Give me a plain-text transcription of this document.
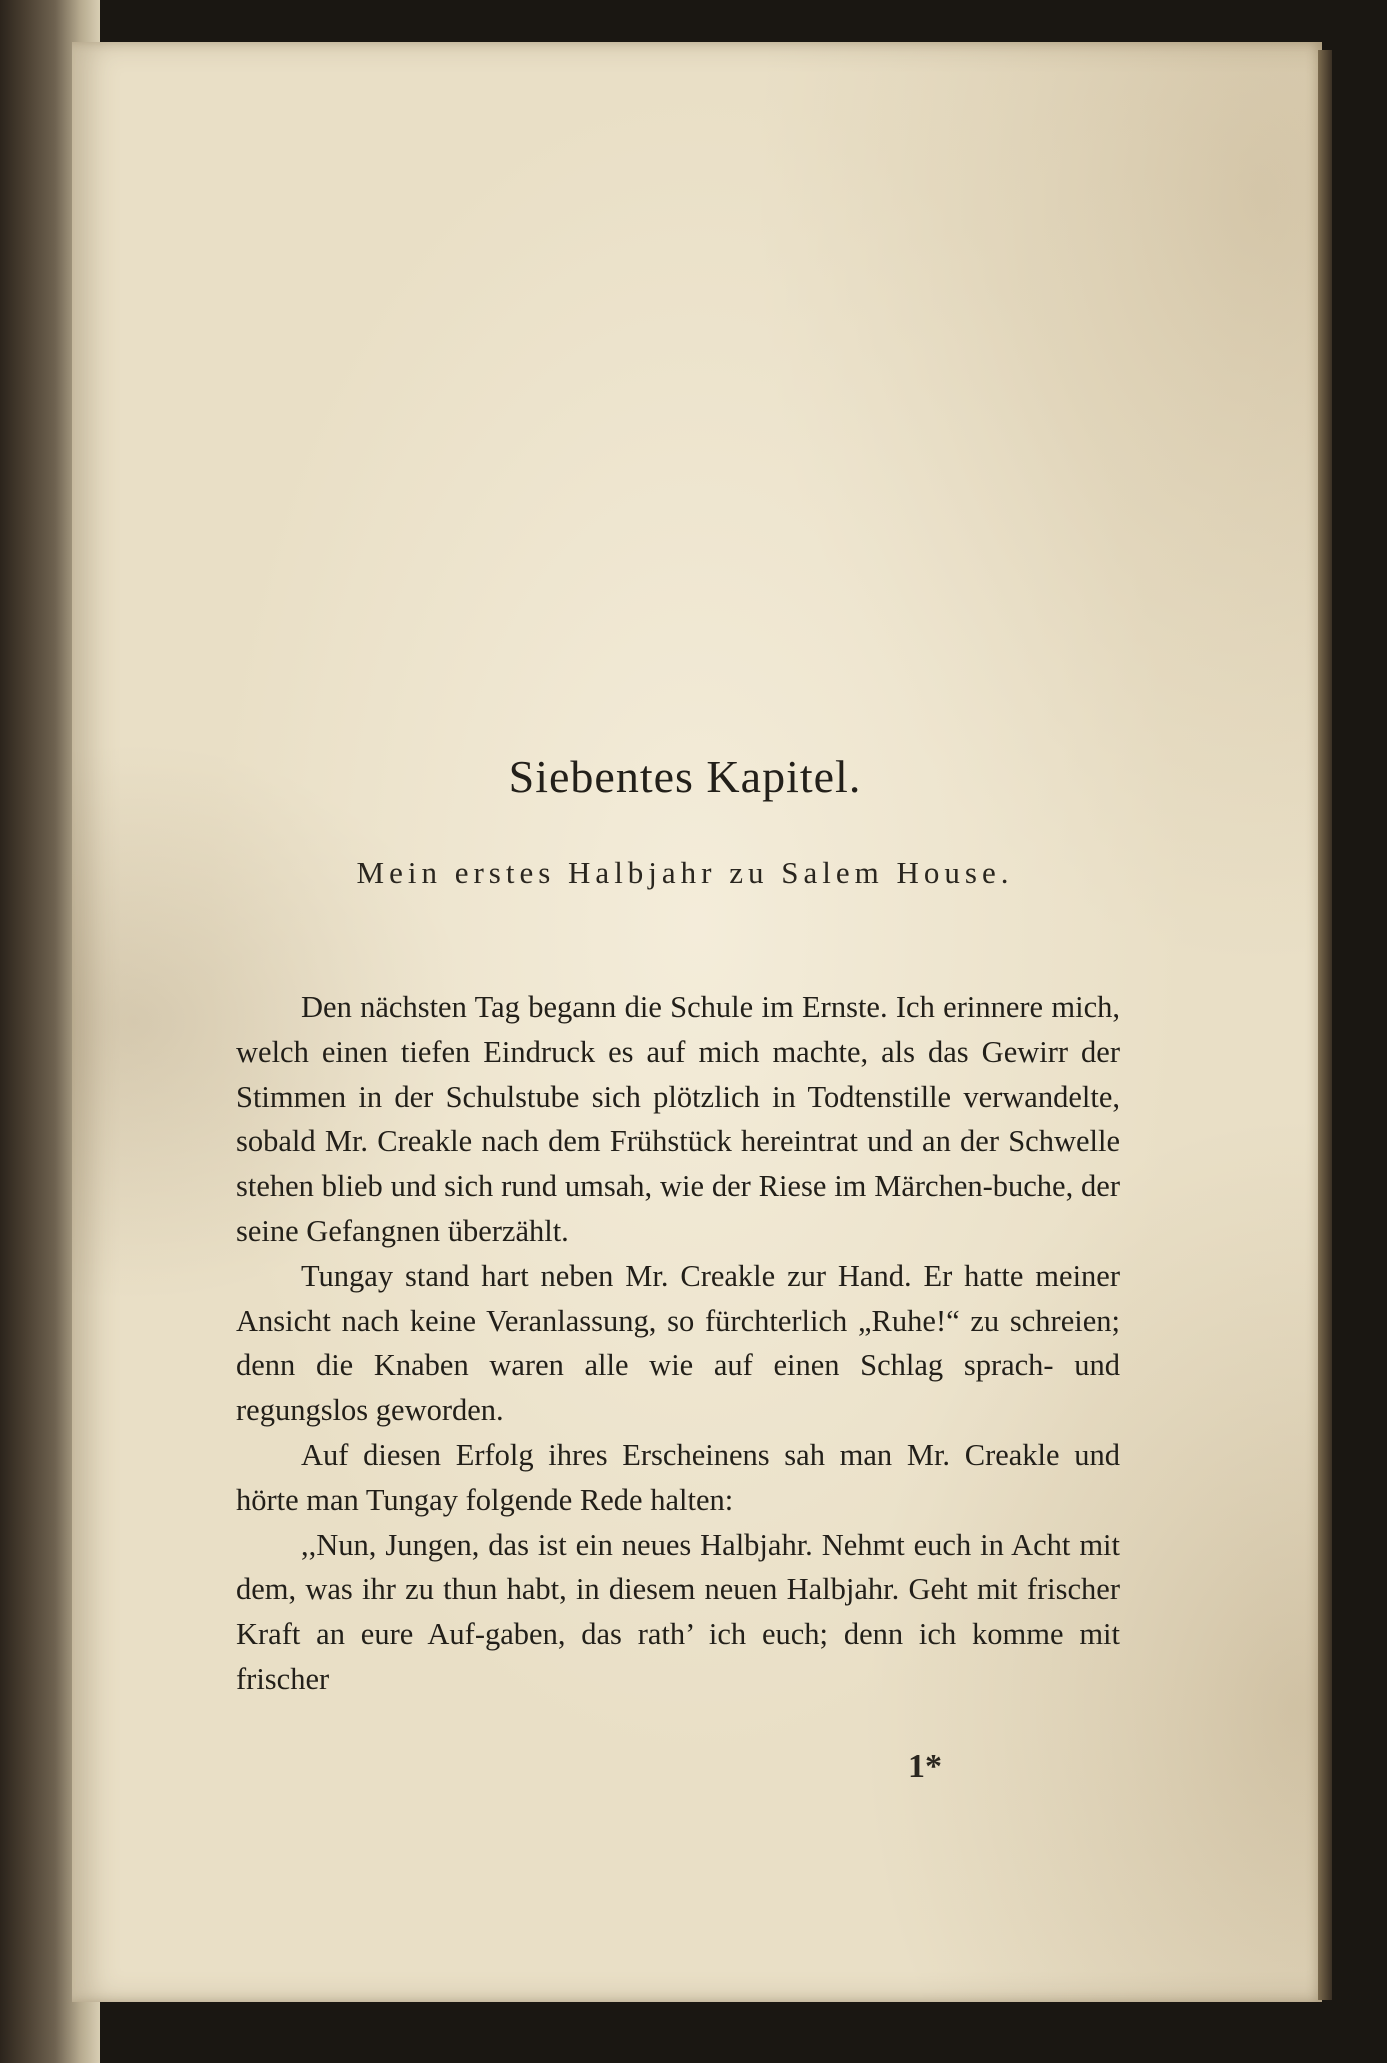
Siebentes Kapitel.
Mein erstes Halbjahr zu Salem House.

Den nächsten Tag begann die Schule im Ernste. Ich erinnere mich, welch einen tiefen Eindruck es auf mich machte, als das Gewirr der Stimmen in der Schulstube sich plötzlich in Todtenstille verwandelte, sobald Mr. Creakle nach dem Frühstück hereintrat und an der Schwelle stehen blieb und sich rund umsah, wie der Riese im Märchen-buche, der seine Gefangnen überzählt.

Tungay stand hart neben Mr. Creakle zur Hand. Er hatte meiner Ansicht nach keine Veranlassung, so fürchterlich „Ruhe!“ zu schreien; denn die Knaben waren alle wie auf einen Schlag sprach- und regungslos geworden.

Auf diesen Erfolg ihres Erscheinens sah man Mr. Creakle und hörte man Tungay folgende Rede halten:

,,Nun, Jungen, das ist ein neues Halbjahr. Nehmt euch in Acht mit dem, was ihr zu thun habt, in diesem neuen Halbjahr. Geht mit frischer Kraft an eure Auf-gaben, das rath’ ich euch; denn ich komme mit frischer

1*
